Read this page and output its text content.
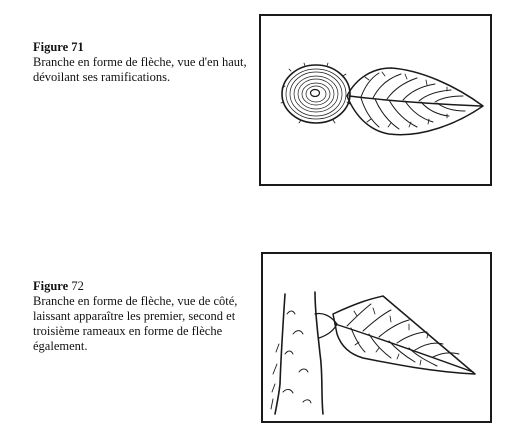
Figure 71
Branche en forme de flèche, vue d'en haut, dévoilant ses ramifications.
Figure 72
Branche en forme de flèche, vue de côté, laissant apparaître les premier, second et troisième rameaux en forme de flèche également.
